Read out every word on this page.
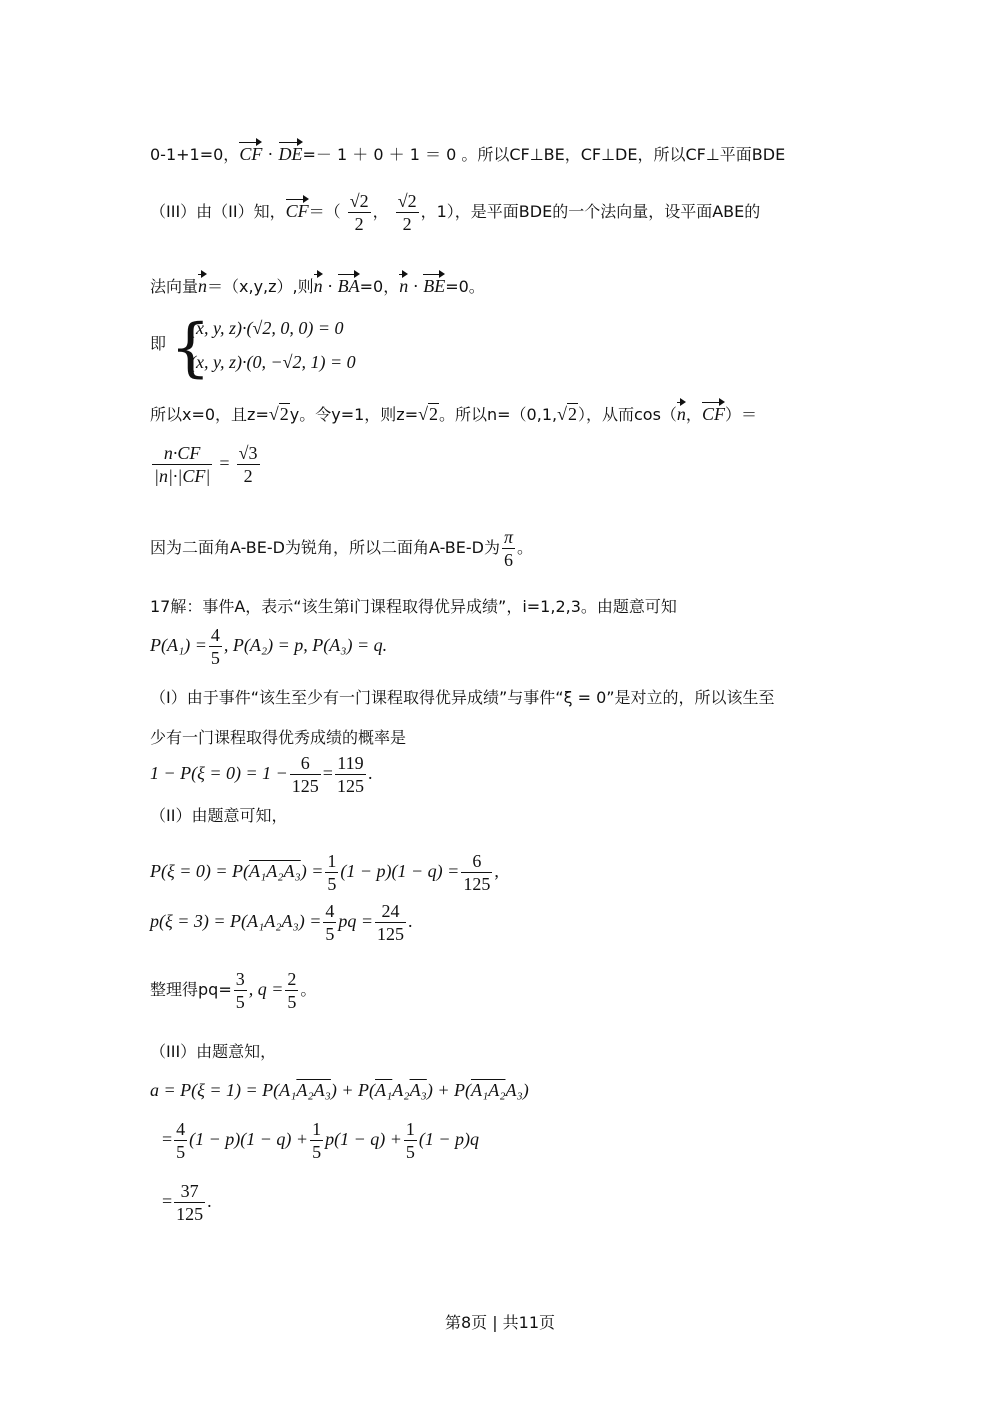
0-1+1=0，CF · DE=－ 1 ＋ 0 ＋ 1 ＝ 0 。所以CF⊥BE，CF⊥DE，所以CF⊥平面BDE
（III）由（II）知，$CF=( \frac{√2}{2}$ ， $\frac{√2}{2}$ ，1），是平面BDE的一个法向量，设平面ABE的
法向量n＝（x,y,z）,则n · BA=0，n · BE=0。
即 {
(x, y, z)·(√2, 0, 0) = 0
(x, y, z)·(0, −√2, 1) = 0
所以x=0，且z=√2y。令y=1，则z=√2。所以n=（0,1,√2），从而cos（n，CF）＝
$\frac{n\cdot CF}{|n|\cdot|CF|} = \frac{√3}{2}$
因为二面角A-BE-D为锐角，所以二面角A-BE-D为 $\frac{\pi}{6}$ 。
17解：事件A，表示“该生第i门课程取得优异成绩”，i=1,2,3。由题意可知
$P(A_1) = \frac{4}{5}$ , P(A₂) = p, P(A₃) = q.
（I）由于事件“该生至少有一门课程取得优异成绩”与事件“ξ = 0”是对立的，所以该生至
少有一门课程取得优秀成绩的概率是
$1 - P(\xi = 0) = 1 - \frac{6}{125} = \frac{119}{125}$ .
（II）由题意可知，
$P(\xi = 0) = P(A_1A_2A_3) = \frac{1}{5} (1 - p)(1 - q) = \frac{6}{125}$ ,
$p(\xi = 3) = P(A_1A_2A_3) = \frac{4}{5}$ pq = $\frac{24}{125}$ .
整理得$pq= \frac{3}{5}$ , $q = \frac{2}{5}$ 。
（III）由题意知，
a = P(ξ = 1) = P(A₁A₂A₃) + P(A₁A₂A₃) + P(A₁A₂A₃)
= $\frac{4}{5} (1 - p)(1 - q) + \frac{1}{5} p(1 - q) + \frac{1}{5} (1 - p)q$
= $\frac{37}{125}$ .
第8页 | 共11页
